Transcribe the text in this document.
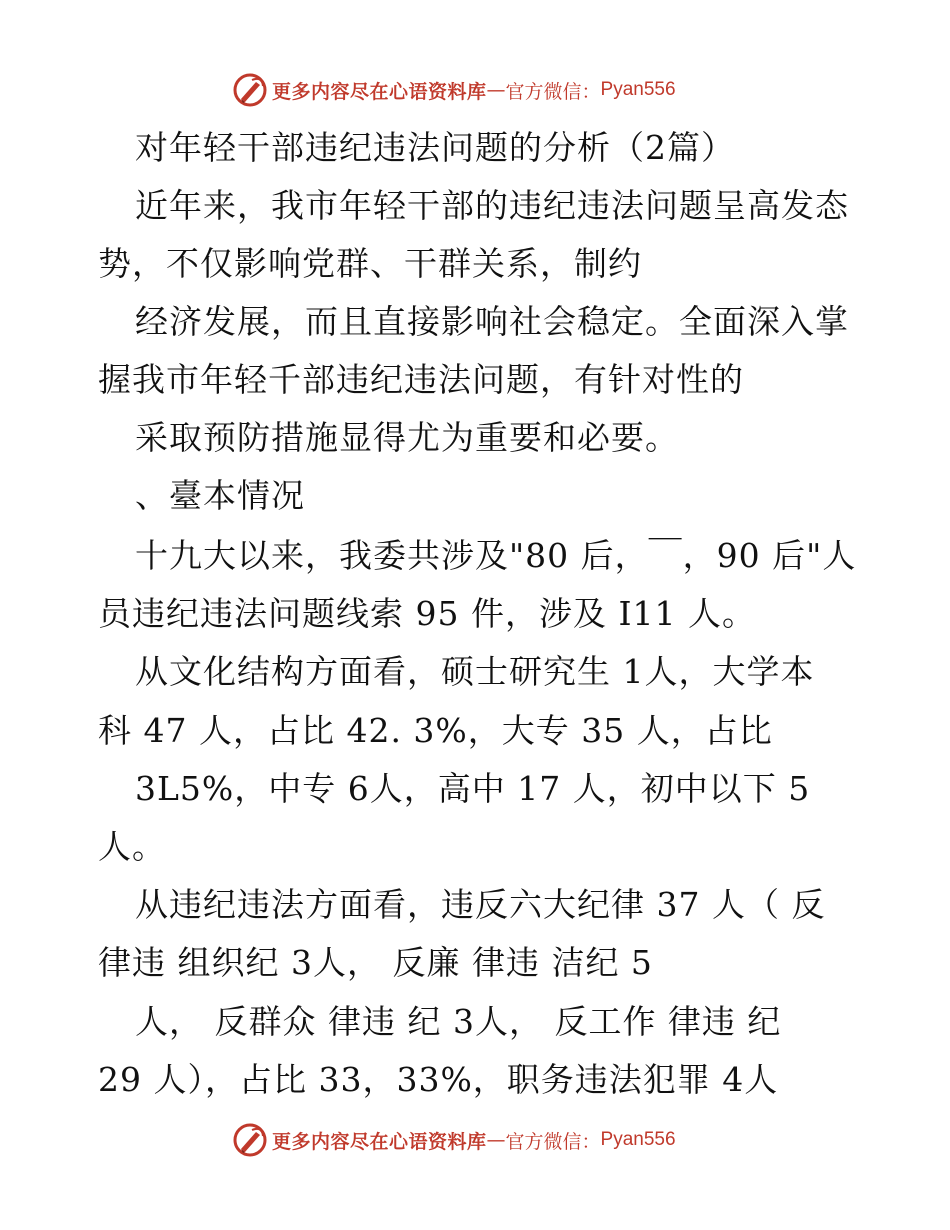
更多内容尽在心语资料库 — 官方微信： Pyan556
对年轻干部违纪违法问题的分析（2篇）
近年来，我市年轻干部的违纪违法问题呈高发态
势，不仅影响党群、干群关系，制约
经济发展，而且直接影响社会稳定。全面深入掌
握我市年轻千部违纪违法问题，有针对性的
采取预防措施显得尤为重要和必要。
、臺本情况
十九大以来，我委共涉及"80 后，￣，90 后"人
员违纪违法问题线索 95 件，涉及 I11 人。
从文化结构方面看，硕士研究生 1人，大学本
科 47 人，占比 42. 3%，大专 35 人，占比
3L5%，中专 6人，高中 17 人，初中以下 5
人。
从违纪违法方面看，违反六大纪律 37 人（ 反
律违 组织纪 3人， 反廉 律违 洁纪 5
人， 反群众 律违 纪 3人， 反工作 律违 纪
29 人），占比 33，33%，职务违法犯罪 4人
更多内容尽在心语资料库 — 官方微信： Pyan556
